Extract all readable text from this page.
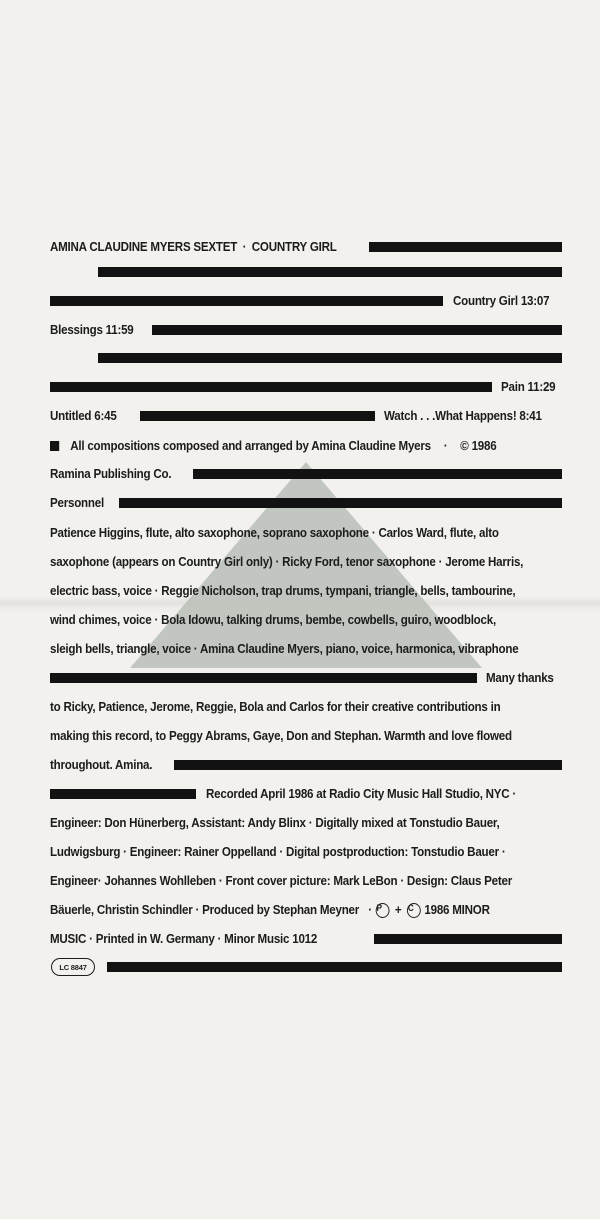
AMINA CLAUDINE MYERS SEXTET · COUNTRY GIRL
Country Girl 13:07
Blessings 11:59
Pain 11:29
Untitled 6:45	Watch . . .What Happens! 8:41
All compositions composed and arranged by Amina Claudine Myers · © 1986
Ramina Publishing Co.
Personnel
Patience Higgins, flute, alto saxophone, soprano saxophone · Carlos Ward, flute, alto
saxophone (appears on Country Girl only) · Ricky Ford, tenor saxophone · Jerome Harris,
electric bass, voice · Reggie Nicholson, trap drums, tympani, triangle, bells, tambourine,
wind chimes, voice · Bola Idowu, talking drums, bembe, cowbells, guiro, woodblock,
sleigh bells, triangle, voice · Amina Claudine Myers, piano, voice, harmonica, vibraphone
Many thanks
to Ricky, Patience, Jerome, Reggie, Bola and Carlos for their creative contributions in
making this record, to Peggy Abrams, Gaye, Don and Stephan. Warmth and love flowed
throughout. Amina.
Recorded April 1986 at Radio City Music Hall Studio, NYC ·
Engineer: Don Hünerberg, Assistant: Andy Blinx · Digitally mixed at Tonstudio Bauer,
Ludwigsburg · Engineer: Rainer Oppelland · Digital postproduction: Tonstudio Bauer ·
Engineer· Johannes Wohlleben · Front cover picture: Mark LeBon · Design: Claus Peter
Bäuerle, Christin Schindler · Produced by Stephan Meyner · P	+ C 1986 MINOR
MUSIC · Printed in W. Germany · Minor Music 1012
LC 8847
